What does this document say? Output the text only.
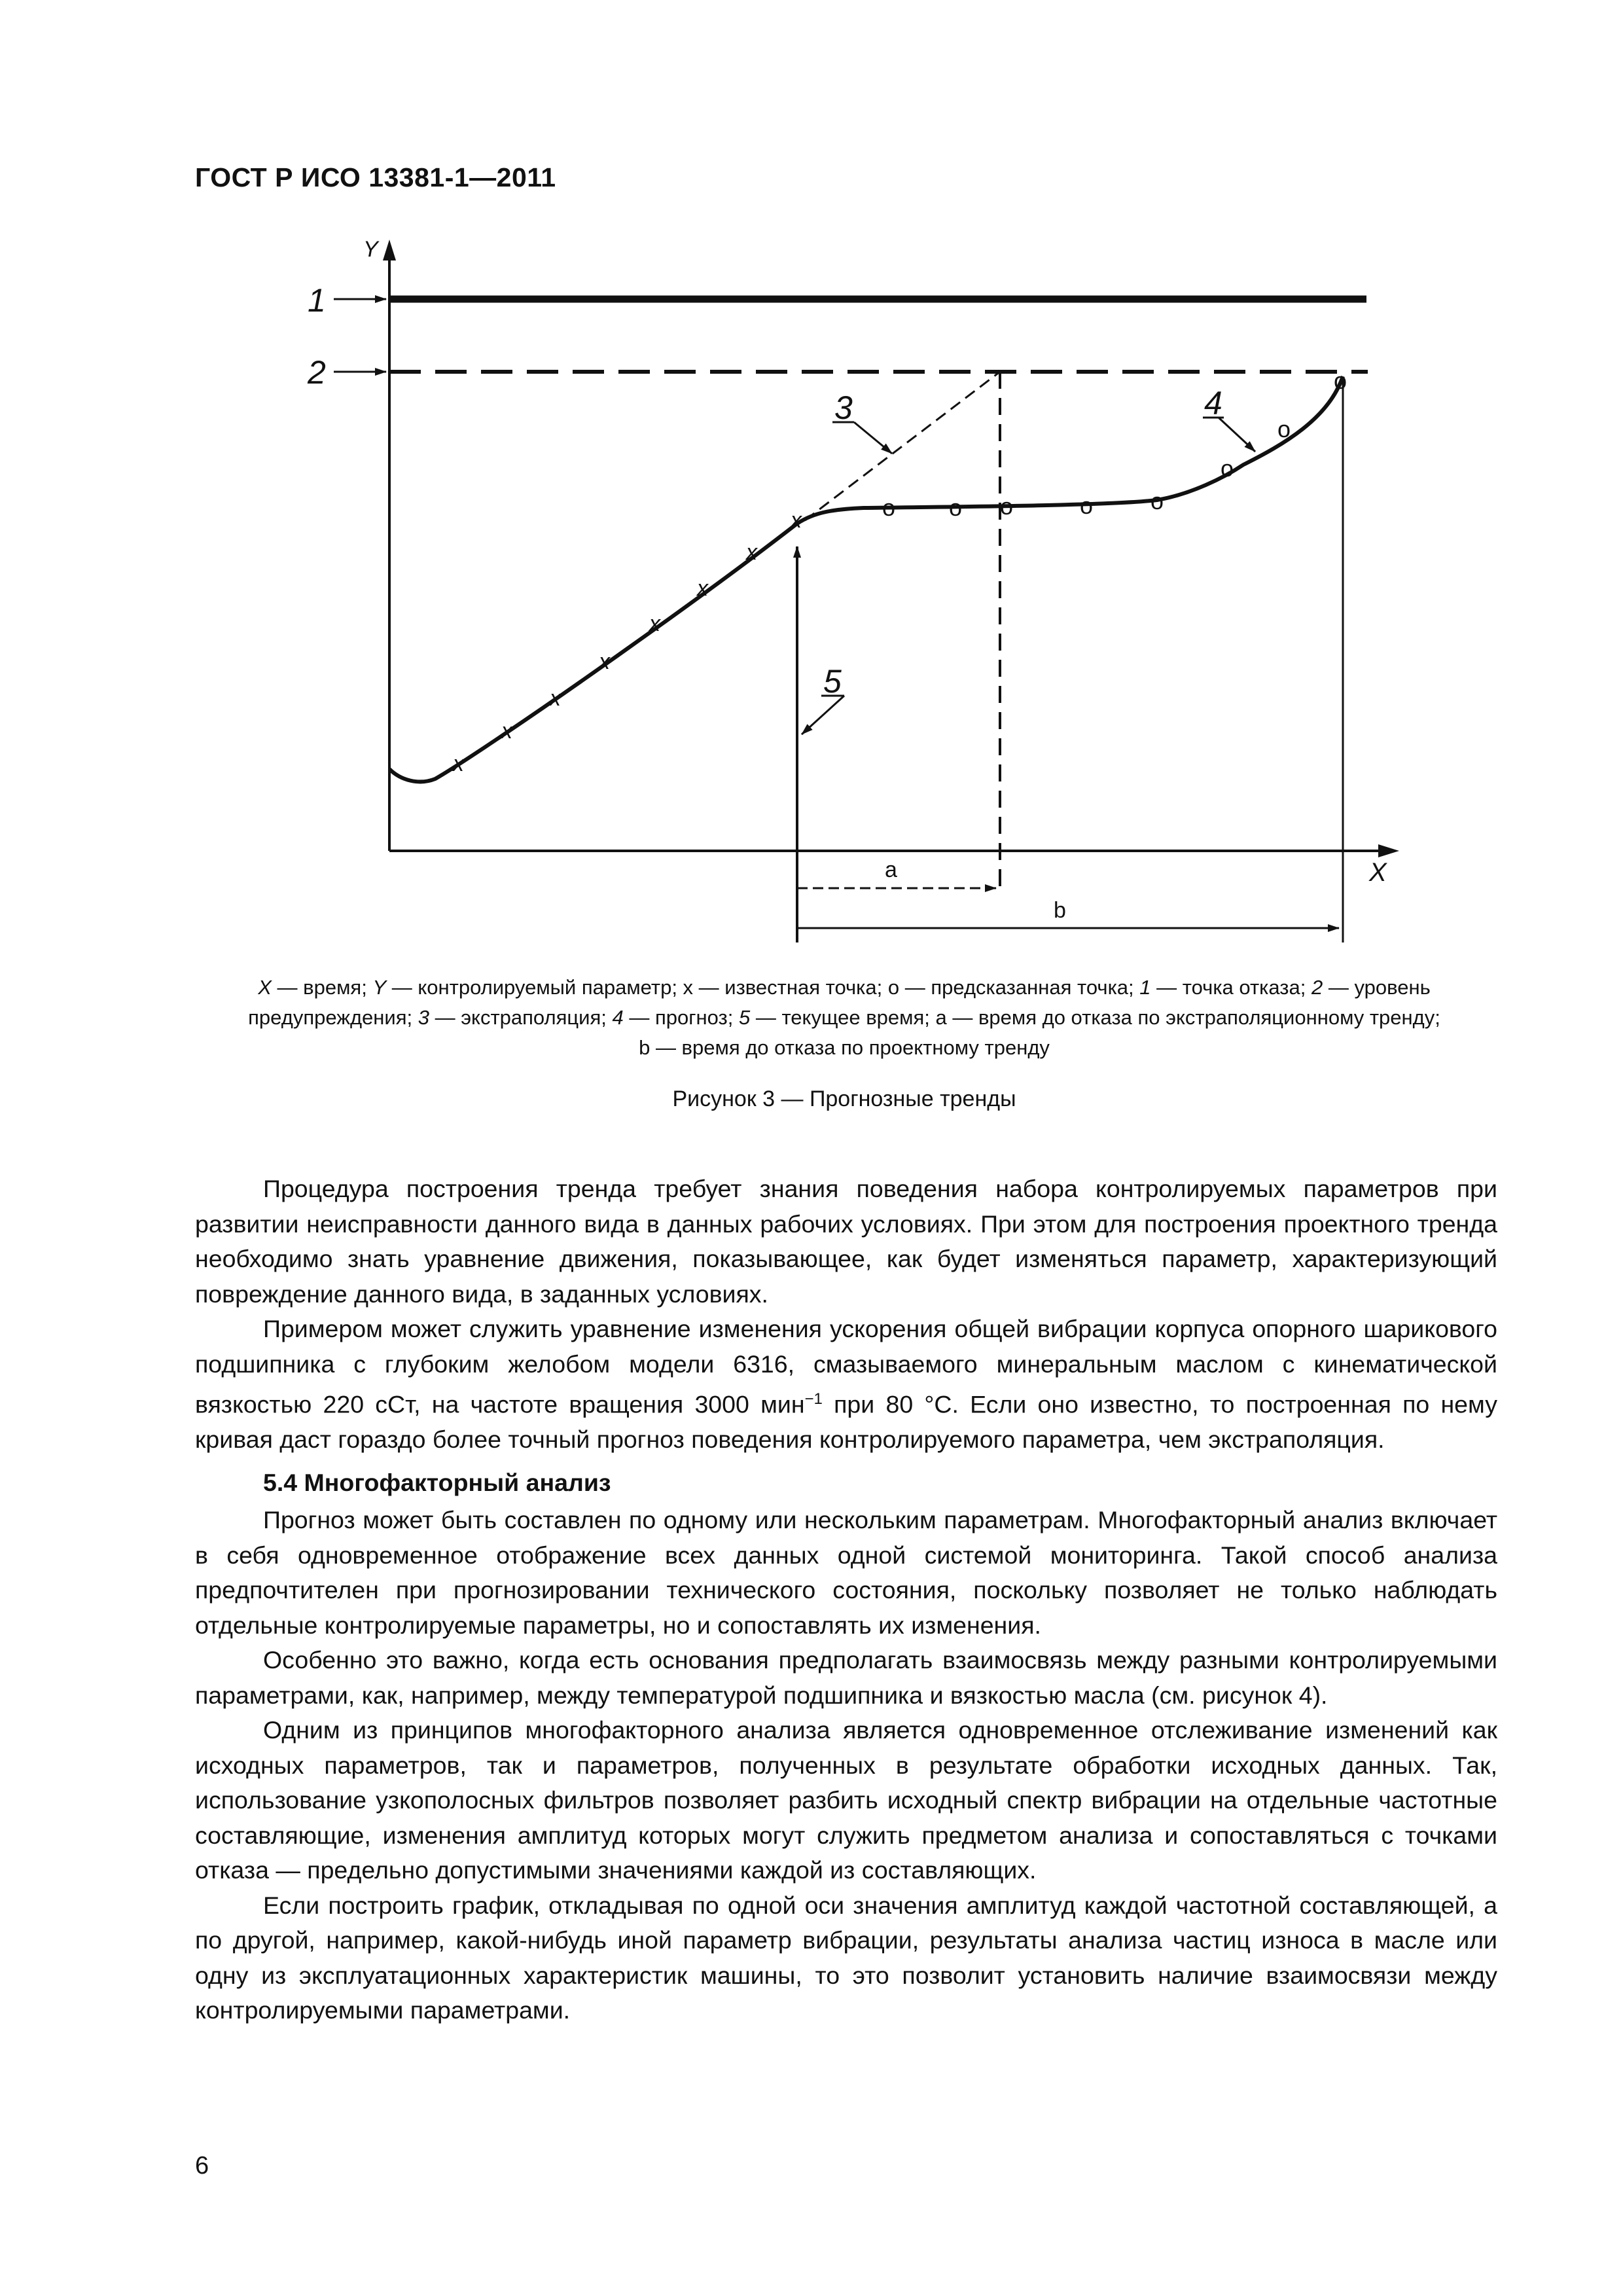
ГОСТ Р ИСО 13381-1—2011
Y
X
1
2
3
5
4
x
x
x
x
x
x
x
x	o o o	o o
o
o
o
a
b
X — время; Y — контролируемый параметр; x — известная точка; о — предсказанная точка; 1 — точка отказа; 2 — уровень
предупреждения; 3 — экстраполяция; 4 — прогноз; 5 — текущее время; а — время до отказа по экстраполяционному тренду;
b — время до отказа по проектному тренду
Рисунок 3 — Прогнозные тренды

Процедура построения тренда требует знания поведения набора контролируемых параметров при развитии неисправности данного вида в данных рабочих условиях. При этом для построения проектного тренда необходимо знать уравнение движения, показывающее, как будет изменяться параметр, характеризующий повреждение данного вида, в заданных условиях.

Примером может служить уравнение изменения ускорения общей вибрации корпуса опорного шарикового подшипника с глубоким желобом модели 6316, смазываемого минеральным маслом с кинематической вязкостью 220 сСт, на частоте вращения 3000 мин$^{-1}$ при 80 °С. Если оно известно, то построенная по нему кривая даст гораздо более точный прогноз поведения контролируемого параметра, чем экстраполяция.

5.4 Многофакторный анализ

Прогноз может быть составлен по одному или нескольким параметрам. Многофакторный анализ включает в себя одновременное отображение всех данных одной системой мониторинга. Такой способ анализа предпочтителен при прогнозировании технического состояния, поскольку позволяет не только наблюдать отдельные контролируемые параметры, но и сопоставлять их изменения.

Особенно это важно, когда есть основания предполагать взаимосвязь между разными контролируемыми параметрами, как, например, между температурой подшипника и вязкостью масла (см. рисунок 4).

Одним из принципов многофакторного анализа является одновременное отслеживание изменений как исходных параметров, так и параметров, полученных в результате обработки исходных данных. Так, использование узкополосных фильтров позволяет разбить исходный спектр вибрации на отдельные частотные составляющие, изменения амплитуд которых могут служить предметом анализа и сопоставляться с точками отказа — предельно допустимыми значениями каждой из составляющих.

Если построить график, откладывая по одной оси значения амплитуд каждой частотной составляющей, а по другой, например, какой-нибудь иной параметр вибрации, результаты анализа частиц износа в масле или одну из эксплуатационных характеристик машины, то это позволит установить наличие взаимосвязи между контролируемыми параметрами.

6
